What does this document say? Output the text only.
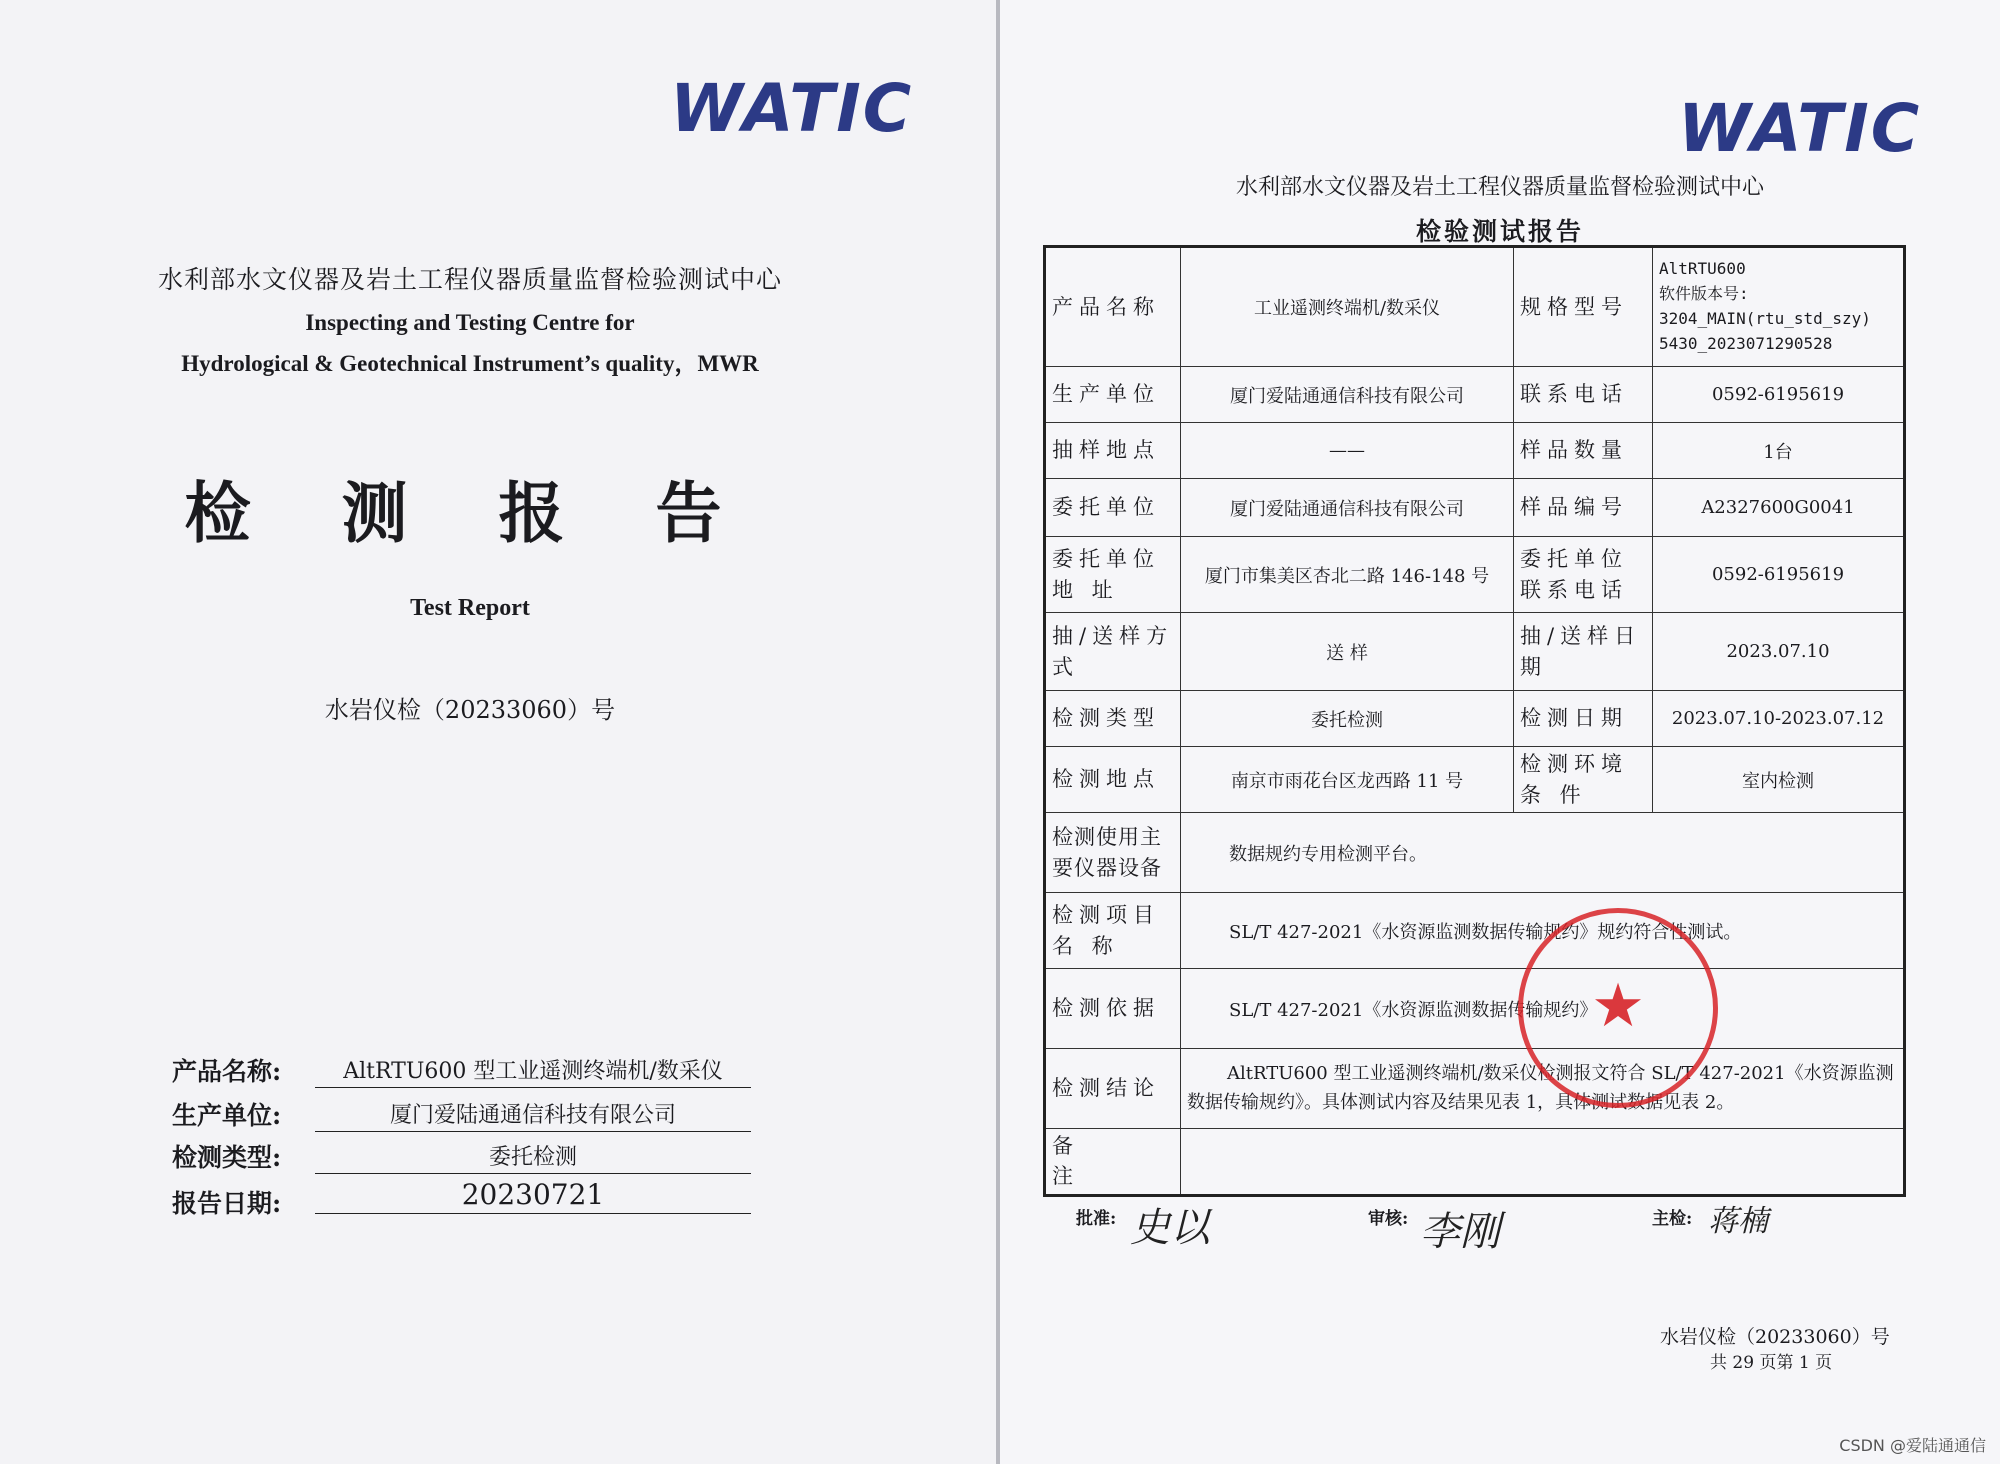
WATIC
水利部水文仪器及岩土工程仪器质量监督检验测试中心
Inspecting and Testing Centre for
Hydrological & Geotechnical Instrument’s quality，MWR
检 测 报 告
Test Report
水岩仪检（20233060）号
产品名称:	AltRTU600 型工业遥测终端机/数采仪
生产单位:	厦门爱陆通通信科技有限公司
检测类型:	委托检测
报告日期:	20230721
WATIC
水利部水文仪器及岩土工程仪器质量监督检验测试中心
检验测试报告
产品名称	工业遥测终端机/数采仪	规格型号	AltRTU600
软件版本号:
3204_MAIN(rtu_std_szy)
5430_2023071290528

生产单位	厦门爱陆通通信科技有限公司	联系电话	0592-6195619
抽样地点	——	样品数量	1台
委托单位	厦门爱陆通通信科技有限公司	样品编号	A2327600G0041
委托单位地 址	厦门市集美区杏北二路 146-148 号	委托单位联系电话	0592-6195619
抽/送样方 式	送 样	抽/送样日 期	2023.07.10
检测类型	委托检测	检测日期	2023.07.10-2023.07.12
检测地点	南京市雨花台区龙西路 11 号	检测环境条 件	室内检测
检测使用主要仪器设备	数据规约专用检测平台。		
检测项目名 称	SL/T 427-2021《水资源监测数据传输规约》规约符合性测试。		
检测依据	SL/T 427-2021《水资源监测数据传输规约》		
检测结论	AltRTU600 型工业遥测终端机/数采仪检测报文符合 SL/T 427-2021《水资源监测数据传输规约》。具体测试内容及结果见表 1，具体测试数据见表 2。		
备 注			
★
批准: 史以	审核: 李刚	主检: 蒋楠
水岩仪检（20233060）号
共 29 页第 1 页
CSDN @爱陆通通信
